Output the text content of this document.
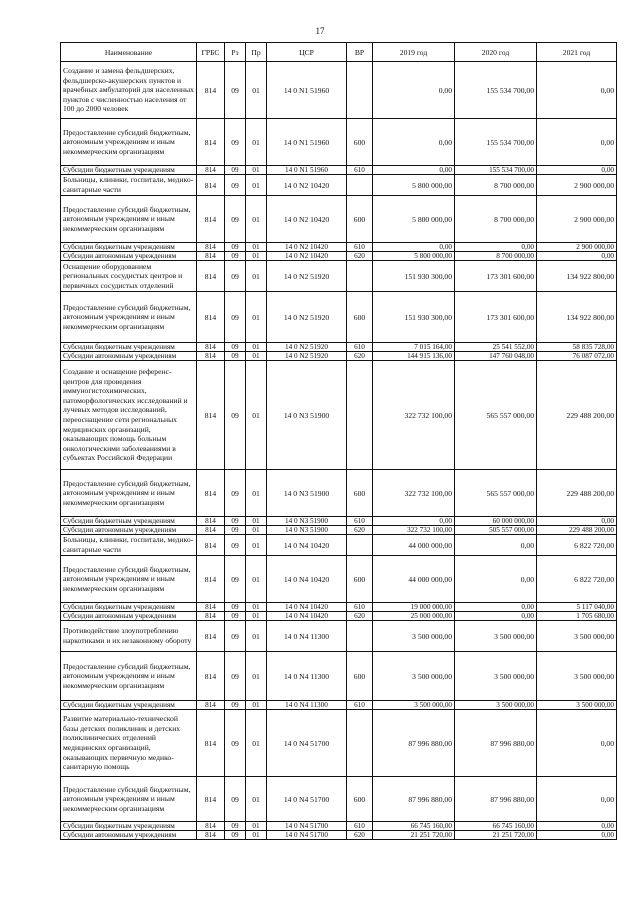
17
Наименование	ГРБС	Рз	Пр	ЦСР	ВР	2019 год	2020 год	2021 год
Создание и замена фельдшерских, фельдшерско-акушерских пунктов и врачебных амбулаторий для населенных пунктов с численностью населения от 100 до 2000 человек	814	09	01	14 0 N1 51960		0,00	155 534 700,00	0,00
Предоставление субсидий бюджетным, автономным учреждениям и иным некоммерческим организациям	814	09	01	14 0 N1 51960	600	0,00	155 534 700,00	0,00
Субсидии бюджетным учреждениям	814	09	01	14 0 N1 51960	610	0,00	155 534 700,00	0,00
Больницы, клиники, госпитали, медико-санитарные части	814	09	01	14 0 N2 10420		5 800 000,00	8 700 000,00	2 900 000,00
Предоставление субсидий бюджетным, автономным учреждениям и иным некоммерческим организациям	814	09	01	14 0 N2 10420	600	5 800 000,00	8 700 000,00	2 900 000,00
Субсидии бюджетным учреждениям	814	09	01	14 0 N2 10420	610	0,00	0,00	2 900 000,00
Субсидии автономным учреждениям	814	09	01	14 0 N2 10420	620	5 800 000,00	8 700 000,00	0,00
Оснащение оборудованием региональных сосудистых центров и первичных сосудистых отделений	814	09	01	14 0 N2 51920		151 930 300,00	173 301 600,00	134 922 800,00
Предоставление субсидий бюджетным, автономным учреждениям и иным некоммерческим организациям	814	09	01	14 0 N2 51920	600	151 930 300,00	173 301 600,00	134 922 800,00
Субсидии бюджетным учреждениям	814	09	01	14 0 N2 51920	610	7 015 164,00	25 541 552,00	58 835 728,00
Субсидии автономным учреждениям	814	09	01	14 0 N2 51920	620	144 915 136,00	147 760 048,00	76 087 072,00
Создание и оснащение референс-центров для проведения иммуногистохимических, патоморфологических исследований и лучевых методов исследований, переоснащение сети региональных медицинских организаций, оказывающих помощь больным онкологическими заболеваниями в субъектах Российской Федерации	814	09	01	14 0 N3 51900		322 732 100,00	565 557 000,00	229 488 200,00
Предоставление субсидий бюджетным, автономным учреждениям и иным некоммерческим организациям	814	09	01	14 0 N3 51900	600	322 732 100,00	565 557 000,00	229 488 200,00
Субсидии бюджетным учреждениям	814	09	01	14 0 N3 51900	610	0,00	60 000 000,00	0,00
Субсидии автономным учреждениям	814	09	01	14 0 N3 51900	620	322 732 100,00	505 557 000,00	229 488 200,00
Больницы, клиники, госпитали, медико-санитарные части	814	09	01	14 0 N4 10420		44 000 000,00	0,00	6 822 720,00
Предоставление субсидий бюджетным, автономным учреждениям и иным некоммерческим организациям	814	09	01	14 0 N4 10420	600	44 000 000,00	0,00	6 822 720,00
Субсидии бюджетным учреждениям	814	09	01	14 0 N4 10420	610	19 000 000,00	0,00	5 117 040,00
Субсидии автономным учреждениям	814	09	01	14 0 N4 10420	620	25 000 000,00	0,00	1 705 680,00
Противодействие злоупотреблению наркотиками и их незаконному обороту	814	09	01	14 0 N4 11300		3 500 000,00	3 500 000,00	3 500 000,00
Предоставление субсидий бюджетным, автономным учреждениям и иным некоммерческим организациям	814	09	01	14 0 N4 11300	600	3 500 000,00	3 500 000,00	3 500 000,00
Субсидии бюджетным учреждениям	814	09	01	14 0 N4 11300	610	3 500 000,00	3 500 000,00	3 500 000,00
Развитие материально-технической базы детских поликлиник и детских поликлинических отделений медицинских организаций, оказывающих первичную медико-санитарную помощь	814	09	01	14 0 N4 51700		87 996 880,00	87 996 880,00	0,00
Предоставление субсидий бюджетным, автономным учреждениям и иным некоммерческим организациям	814	09	01	14 0 N4 51700	600	87 996 880,00	87 996 880,00	0,00
Субсидии бюджетным учреждениям	814	09	01	14 0 N4 51700	610	66 745 160,00	66 745 160,00	0,00
Субсидии автономным учреждениям	814	09	01	14 0 N4 51700	620	21 251 720,00	21 251 720,00	0,00
